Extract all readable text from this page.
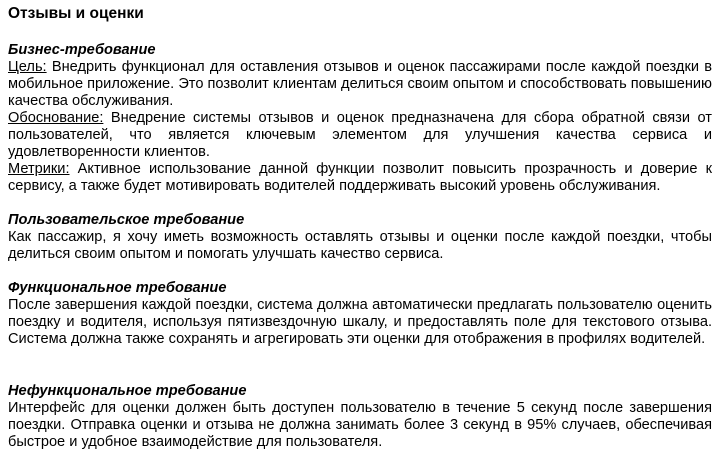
Отзывы и оценки
Бизнес-требование

Цель: Внедрить функционал для оставления отзывов и оценок пассажирами после каждой поездки в мобильное приложение. Это позволит клиентам делиться своим опытом и способствовать повышению качества обслуживания.

Обоснование: Внедрение системы отзывов и оценок предназначена для сбора обратной связи от пользователей, что является ключевым элементом для улучшения качества сервиса и удовлетворенности клиентов.

Метрики: Активное использование данной функции позволит повысить прозрачность и доверие к сервису, а также будет мотивировать водителей поддерживать высокий уровень обслуживания.

Пользовательское требование

Как пассажир, я хочу иметь возможность оставлять отзывы и оценки после каждой поездки, чтобы делиться своим опытом и помогать улучшать качество сервиса.

Функциональное требование

После завершения каждой поездки, система должна автоматически предлагать пользователю оценить поездку и водителя, используя пятизвездочную шкалу, и предоставлять поле для текстового отзыва. Система должна также сохранять и агрегировать эти оценки для отображения в профилях водителей.

Нефункциональное требование

Интерфейс для оценки должен быть доступен пользователю в течение 5 секунд после завершения поездки. Отправка оценки и отзыва не должна занимать более 3 секунд в 95% случаев, обеспечивая быстрое и удобное взаимодействие для пользователя.
